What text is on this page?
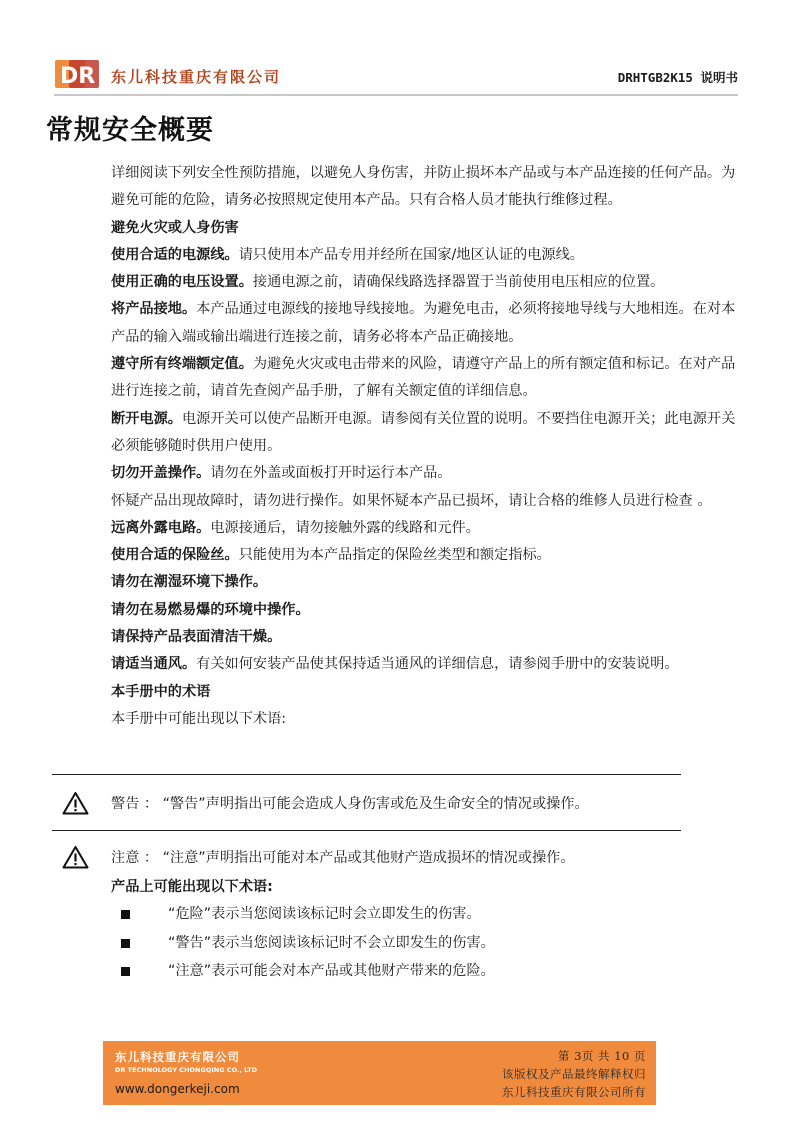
DR 东儿科技重庆有限公司	DRHTGB2K15 说明书
常规安全概要

详细阅读下列安全性预防措施，以避免人身伤害，并防止损坏本产品或与本产品连接的任何产品。为避免可能的危险，请务必按照规定使用本产品。只有合格人员才能执行维修过程。

避免火灾或人身伤害

使用合适的电源线。请只使用本产品专用并经所在国家/地区认证的电源线。

使用正确的电压设置。接通电源之前，请确保线路选择器置于当前使用电压相应的位置。

将产品接地。本产品通过电源线的接地导线接地。为避免电击，必须将接地导线与大地相连。在对本产品的输入端或输出端进行连接之前，请务必将本产品正确接地。

遵守所有终端额定值。为避免火灾或电击带来的风险，请遵守产品上的所有额定值和标记。在对产品进行连接之前，请首先查阅产品手册，了解有关额定值的详细信息。

断开电源。电源开关可以使产品断开电源。请参阅有关位置的说明。不要挡住电源开关；此电源开关必须能够随时供用户使用。

切勿开盖操作。请勿在外盖或面板打开时运行本产品。

怀疑产品出现故障时，请勿进行操作。如果怀疑本产品已损坏，请让合格的维修人员进行检查 。

远离外露电路。电源接通后，请勿接触外露的线路和元件。

使用合适的保险丝。只能使用为本产品指定的保险丝类型和额定指标。

请勿在潮湿环境下操作。

请勿在易燃易爆的环境中操作。

请保持产品表面清洁干燥。

请适当通风。有关如何安装产品使其保持适当通风的详细信息，请参阅手册中的安装说明。

本手册中的术语

本手册中可能出现以下术语:

警告 ： “警告”声明指出可能会造成人身伤害或危及生命安全的情况或操作。
注意 ： “注意”声明指出可能对本产品或其他财产造成损坏的情况或操作。
产品上可能出现以下术语:
“危险”表示当您阅读该标记时会立即发生的伤害。
“警告”表示当您阅读该标记时不会立即发生的伤害。
“注意”表示可能会对本产品或其他财产带来的危险。
东儿科技重庆有限公司
DR TECHNOLOGY CHONGQING CO., LTD
www.dongerkeji.com
第 3页 共 10 页
该版权及产品最终解释权归
东儿科技重庆有限公司所有
